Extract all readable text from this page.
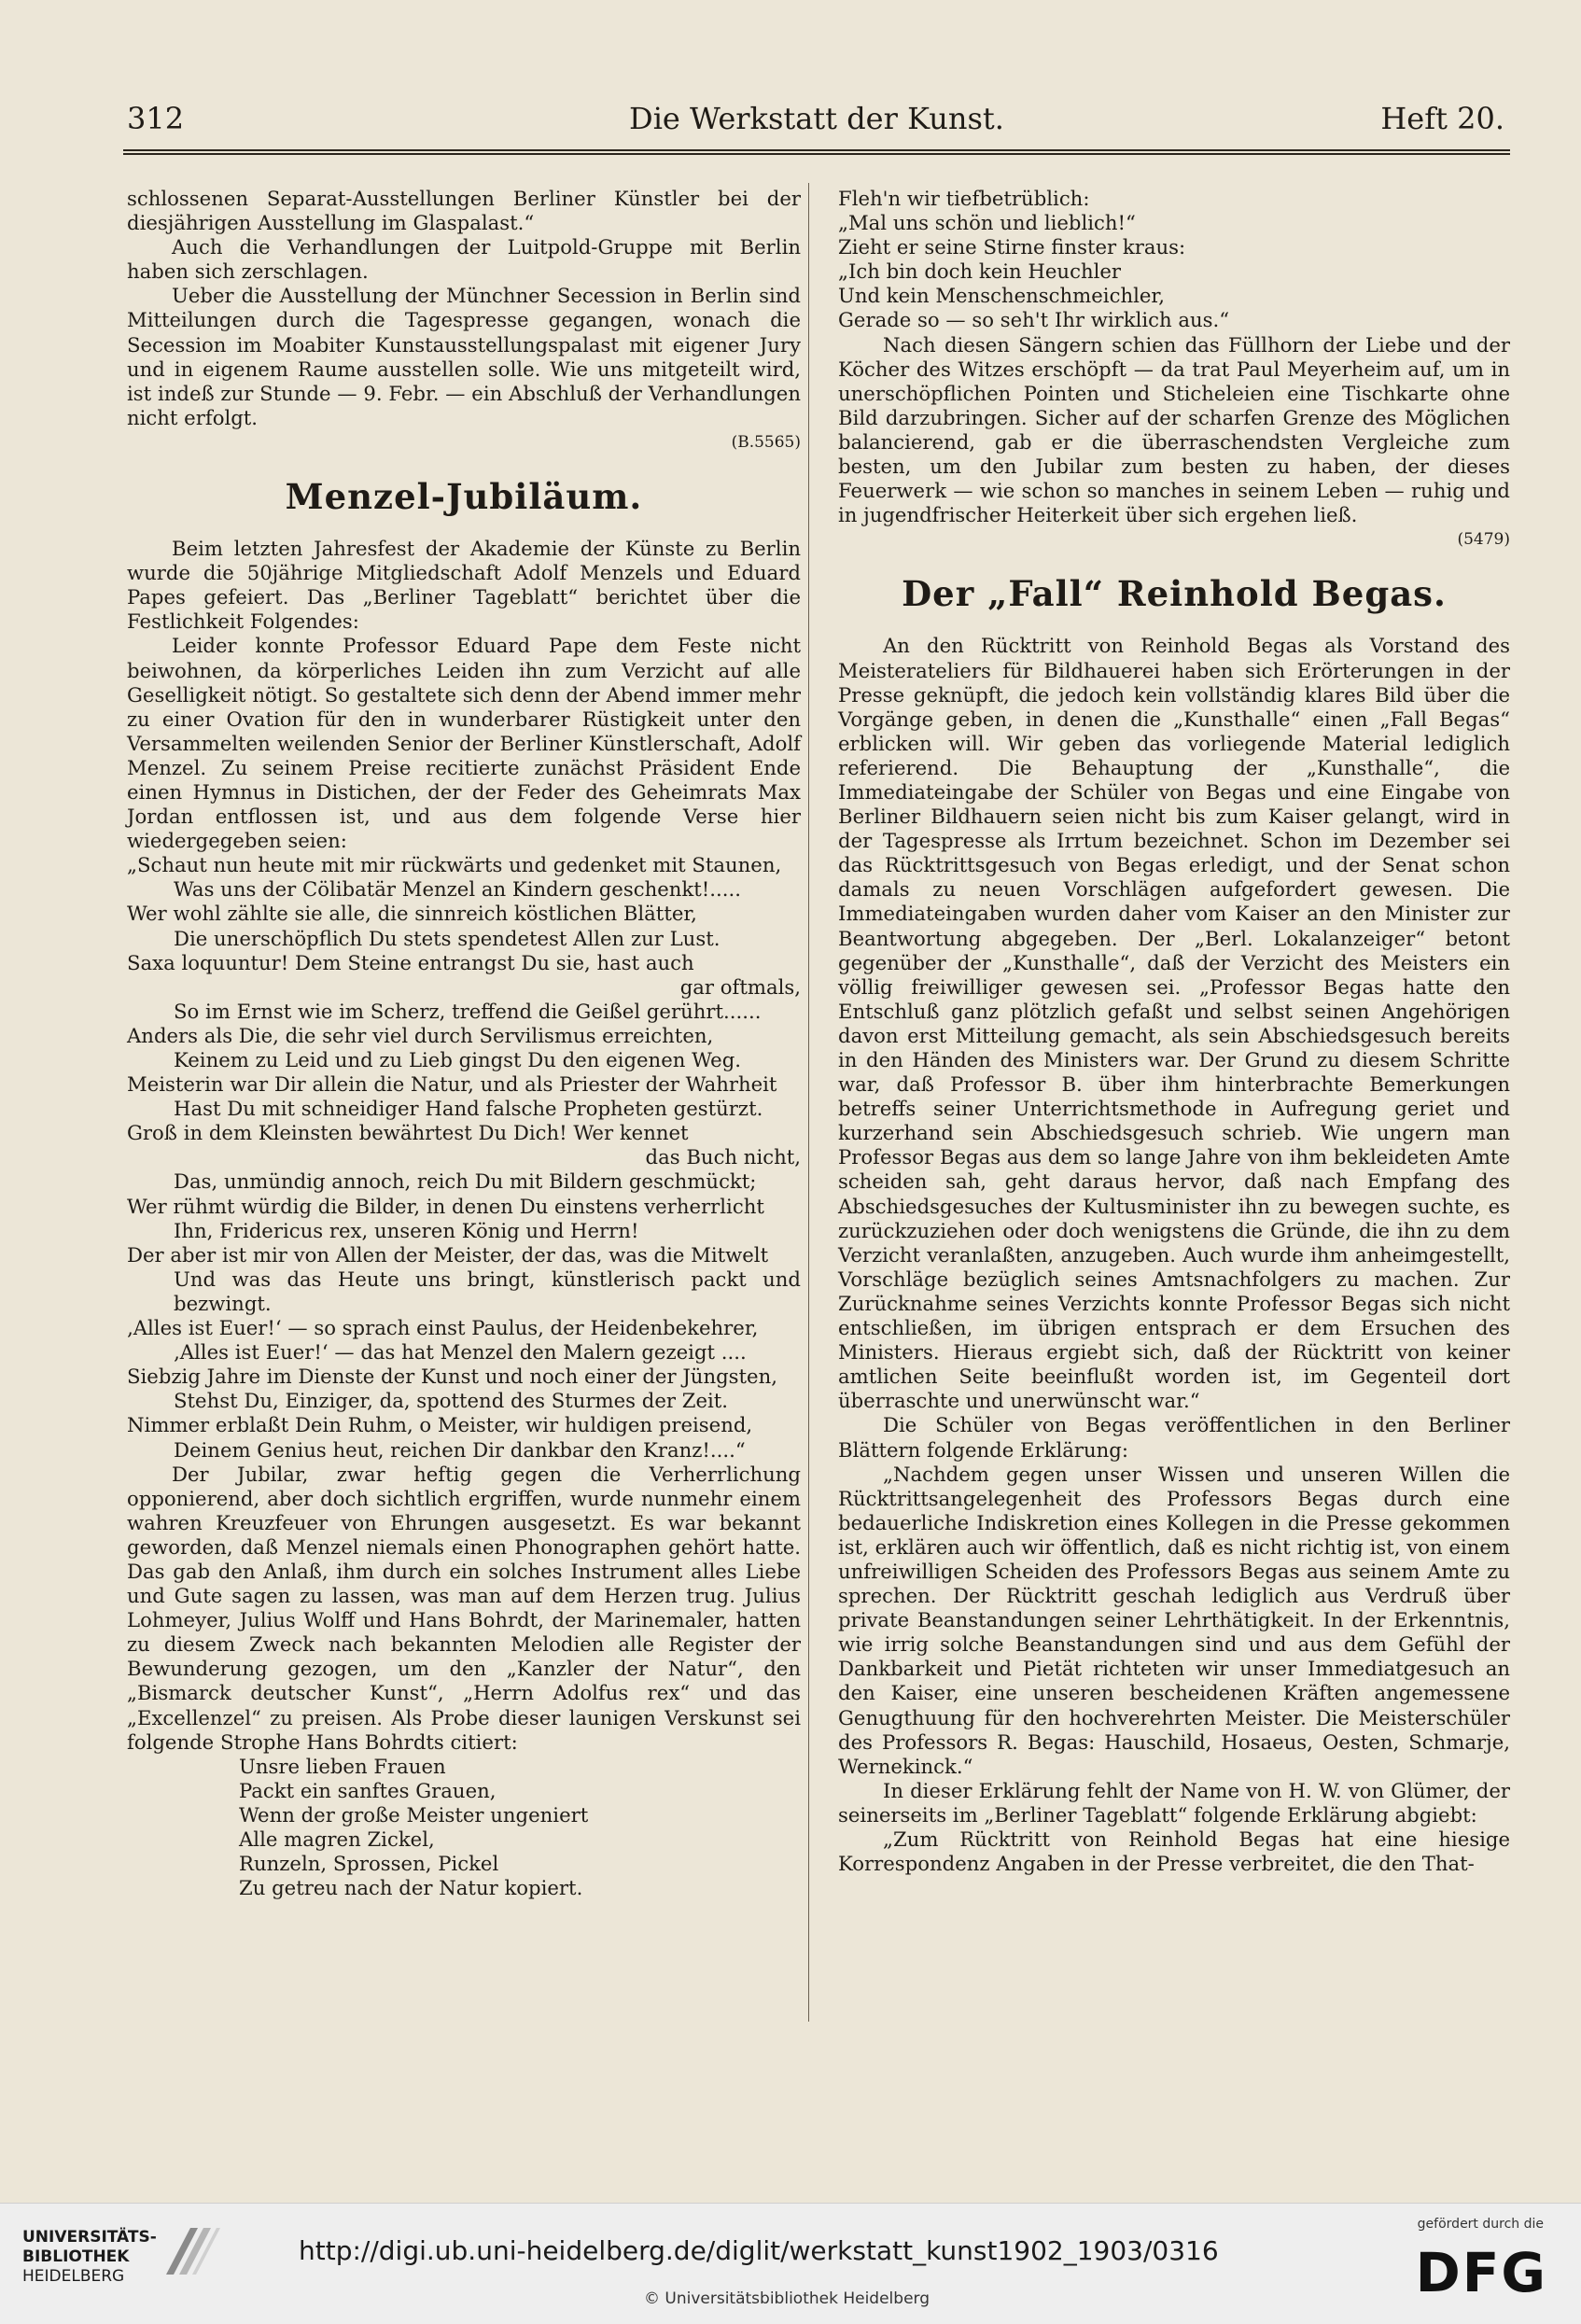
312	Die Werkstatt der Kunst.	Heft 20.

schlossenen Separat-Ausstellungen Berliner Künstler bei der diesjährigen Ausstellung im Glaspalast.“

Auch die Verhandlungen der Luitpold-Gruppe mit Berlin haben sich zerschlagen.

Ueber die Ausstellung der Münchner Secession in Berlin sind Mitteilungen durch die Tagespresse gegangen, wonach die Secession im Moabiter Kunstausstellungspalast mit eigener Jury und in eigenem Raume ausstellen solle. Wie uns mitgeteilt wird, ist indeß zur Stunde — 9. Febr. — ein Abschluß der Verhandlungen nicht erfolgt.
(B.5565)

Menzel-Jubiläum.

Beim letzten Jahresfest der Akademie der Künste zu Berlin wurde die 50jährige Mitgliedschaft Adolf Menzels und Eduard Papes gefeiert. Das „Berliner Tageblatt“ berichtet über die Festlichkeit Folgendes:

Leider konnte Professor Eduard Pape dem Feste nicht beiwohnen, da körperliches Leiden ihn zum Verzicht auf alle Geselligkeit nötigt. So gestaltete sich denn der Abend immer mehr zu einer Ovation für den in wunderbarer Rüstigkeit unter den Versammelten weilenden Senior der Berliner Künstlerschaft, Adolf Menzel. Zu seinem Preise recitierte zunächst Präsident Ende einen Hymnus in Distichen, der der Feder des Geheimrats Max Jordan entflossen ist, und aus dem folgende Verse hier wiedergegeben seien:

„Schaut nun heute mit mir rückwärts und gedenket mit Staunen,
Was uns der Cölibatär Menzel an Kindern geschenkt!.....
Wer wohl zählte sie alle, die sinnreich köstlichen Blätter,
Die unerschöpflich Du stets spendetest Allen zur Lust.
Saxa loquuntur! Dem Steine entrangst Du sie, hast auch
gar oftmals,
So im Ernst wie im Scherz, treffend die Geißel gerührt......
Anders als Die, die sehr viel durch Servilismus erreichten,
Keinem zu Leid und zu Lieb gingst Du den eigenen Weg.
Meisterin war Dir allein die Natur, und als Priester der Wahrheit
Hast Du mit schneidiger Hand falsche Propheten gestürzt.
Groß in dem Kleinsten bewährtest Du Dich! Wer kennet
das Buch nicht,
Das, unmündig annoch, reich Du mit Bildern geschmückt;
Wer rühmt würdig die Bilder, in denen Du einstens verherrlicht
Ihn, Fridericus rex, unseren König und Herrn!
Der aber ist mir von Allen der Meister, der das, was die Mitwelt
Und was das Heute uns bringt, künstlerisch packt und bezwingt.
‚Alles ist Euer!‘ — so sprach einst Paulus, der Heidenbekehrer,
‚Alles ist Euer!‘ — das hat Menzel den Malern gezeigt ....
Siebzig Jahre im Dienste der Kunst und noch einer der Jüngsten,
Stehst Du, Einziger, da, spottend des Sturmes der Zeit.
Nimmer erblaßt Dein Ruhm, o Meister, wir huldigen preisend,
Deinem Genius heut, reichen Dir dankbar den Kranz!....“

Der Jubilar, zwar heftig gegen die Verherrlichung opponierend, aber doch sichtlich ergriffen, wurde nunmehr einem wahren Kreuzfeuer von Ehrungen ausgesetzt. Es war bekannt geworden, daß Menzel niemals einen Phonographen gehört hatte. Das gab den Anlaß, ihm durch ein solches Instrument alles Liebe und Gute sagen zu lassen, was man auf dem Herzen trug. Julius Lohmeyer, Julius Wolff und Hans Bohrdt, der Marinemaler, hatten zu diesem Zweck nach bekannten Melodien alle Register der Bewunderung gezogen, um den „Kanzler der Natur“, den „Bismarck deutscher Kunst“, „Herrn Adolfus rex“ und das „Excellenzel“ zu preisen. Als Probe dieser launigen Verskunst sei folgende Strophe Hans Bohrdts citiert:

Unsre lieben Frauen
Packt ein sanftes Grauen,
Wenn der große Meister ungeniert
Alle magren Zickel,
Runzeln, Sprossen, Pickel
Zu getreu nach der Natur kopiert.
Fleh'n wir tiefbetrüblich:
„Mal uns schön und lieblich!“
Zieht er seine Stirne finster kraus:
„Ich bin doch kein Heuchler
Und kein Menschenschmeichler,
Gerade so — so seh't Ihr wirklich aus.“

Nach diesen Sängern schien das Füllhorn der Liebe und der Köcher des Witzes erschöpft — da trat Paul Meyerheim auf, um in unerschöpflichen Pointen und Sticheleien eine Tischkarte ohne Bild darzubringen. Sicher auf der scharfen Grenze des Möglichen balancierend, gab er die überraschendsten Vergleiche zum besten, um den Jubilar zum besten zu haben, der dieses Feuerwerk — wie schon so manches in seinem Leben — ruhig und in jugendfrischer Heiterkeit über sich ergehen ließ.
(5479)

Der „Fall“ Reinhold Begas.

An den Rücktritt von Reinhold Begas als Vorstand des Meisterateliers für Bildhauerei haben sich Erörterungen in der Presse geknüpft, die jedoch kein vollständig klares Bild über die Vorgänge geben, in denen die „Kunsthalle“ einen „Fall Begas“ erblicken will. Wir geben das vorliegende Material lediglich referierend. Die Behauptung der „Kunsthalle“, die Immediateingabe der Schüler von Begas und eine Eingabe von Berliner Bildhauern seien nicht bis zum Kaiser gelangt, wird in der Tagespresse als Irrtum bezeichnet. Schon im Dezember sei das Rücktrittsgesuch von Begas erledigt, und der Senat schon damals zu neuen Vorschlägen aufgefordert gewesen. Die Immediateingaben wurden daher vom Kaiser an den Minister zur Beantwortung abgegeben. Der „Berl. Lokalanzeiger“ betont gegenüber der „Kunsthalle“, daß der Verzicht des Meisters ein völlig freiwilliger gewesen sei. „Professor Begas hatte den Entschluß ganz plötzlich gefaßt und selbst seinen Angehörigen davon erst Mitteilung gemacht, als sein Abschiedsgesuch bereits in den Händen des Ministers war. Der Grund zu diesem Schritte war, daß Professor B. über ihm hinterbrachte Bemerkungen betreffs seiner Unterrichtsmethode in Aufregung geriet und kurzerhand sein Abschiedsgesuch schrieb. Wie ungern man Professor Begas aus dem so lange Jahre von ihm bekleideten Amte scheiden sah, geht daraus hervor, daß nach Empfang des Abschiedsgesuches der Kultusminister ihn zu bewegen suchte, es zurückzuziehen oder doch wenigstens die Gründe, die ihn zu dem Verzicht veranlaßten, anzugeben. Auch wurde ihm anheimgestellt, Vorschläge bezüglich seines Amtsnachfolgers zu machen. Zur Zurücknahme seines Verzichts konnte Professor Begas sich nicht entschließen, im übrigen entsprach er dem Ersuchen des Ministers. Hieraus ergiebt sich, daß der Rücktritt von keiner amtlichen Seite beeinflußt worden ist, im Gegenteil dort überraschte und unerwünscht war.“

Die Schüler von Begas veröffentlichen in den Berliner Blättern folgende Erklärung:

„Nachdem gegen unser Wissen und unseren Willen die Rücktrittsangelegenheit des Professors Begas durch eine bedauerliche Indiskretion eines Kollegen in die Presse gekommen ist, erklären auch wir öffentlich, daß es nicht richtig ist, von einem unfreiwilligen Scheiden des Professors Begas aus seinem Amte zu sprechen. Der Rücktritt geschah lediglich aus Verdruß über private Beanstandungen seiner Lehrthätigkeit. In der Erkenntnis, wie irrig solche Beanstandungen sind und aus dem Gefühl der Dankbarkeit und Pietät richteten wir unser Immediatgesuch an den Kaiser, eine unseren bescheidenen Kräften angemessene Genugthuung für den hochverehrten Meister. Die Meisterschüler des Professors R. Begas: Hauschild, Hosaeus, Oesten, Schmarje, Wernekinck.“

In dieser Erklärung fehlt der Name von H. W. von Glümer, der seinerseits im „Berliner Tageblatt“ folgende Erklärung abgiebt:

„Zum Rücktritt von Reinhold Begas hat eine hiesige Korrespondenz Angaben in der Presse verbreitet, die den That-

UNIVERSITÄTS-
BIBLIOTHEK
HEIDELBERG
http://digi.ub.uni-heidelberg.de/diglit/werkstatt_kunst1902_1903/0316
© Universitätsbibliothek Heidelberg
gefördert durch die
DFG
